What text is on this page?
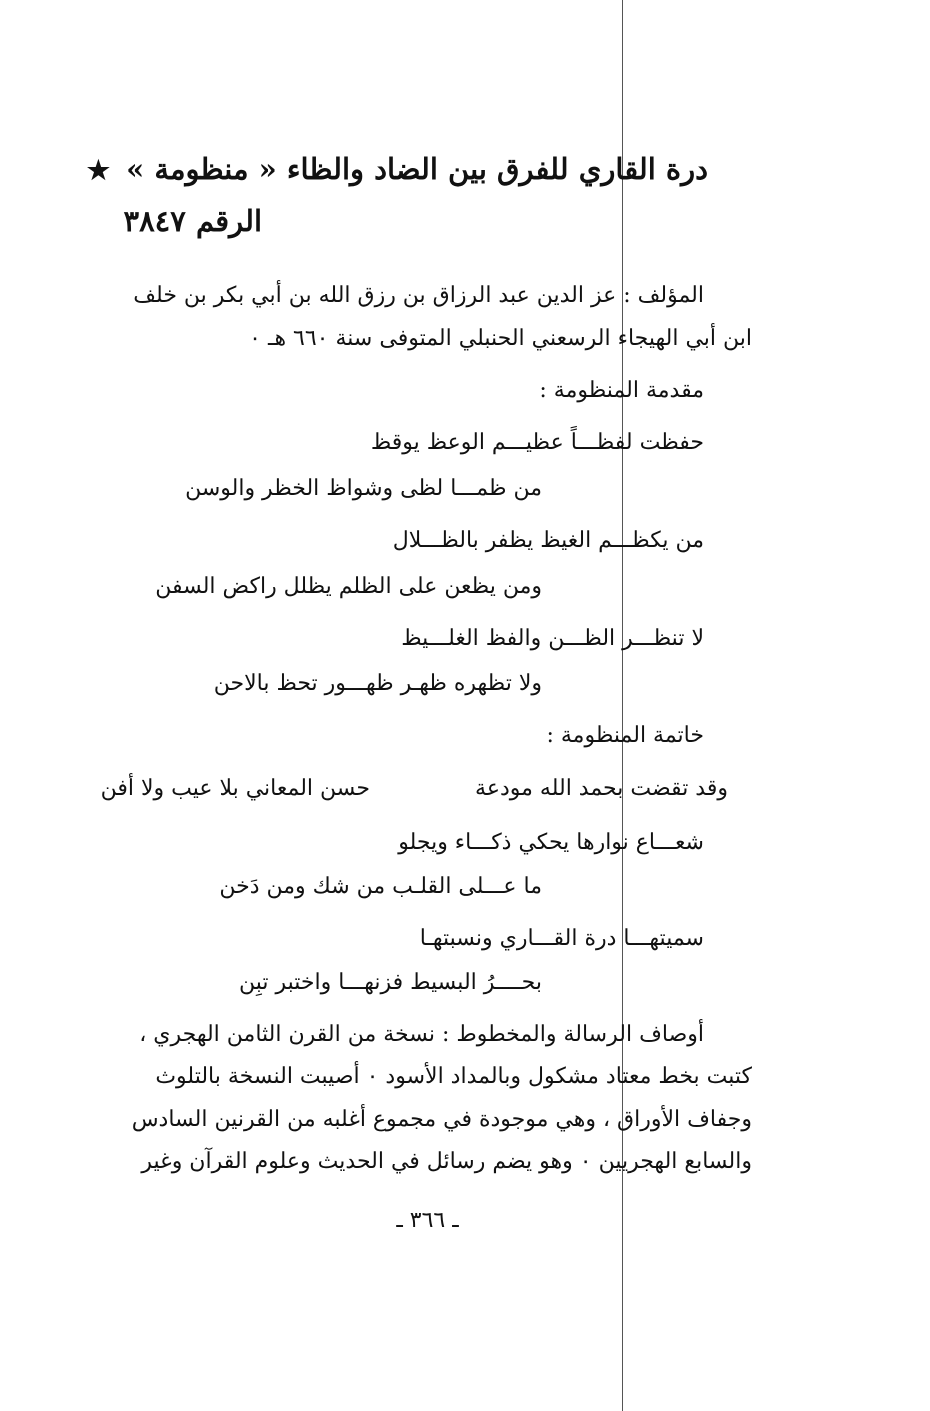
درة القاري للفرق بين الضاد والظاء « منظومة » ★
الرقم ٣٨٤٧
المؤلف : عز الدين عبد الرزاق بن رزق الله بن أبي بكر بن خلف
ابن أبي الهيجاء الرسعني الحنبلي المتوفى سنة ٦٦٠ هـ ٠
مقدمة المنظومة :
حفظت لفظـــاً عظيـــم الوعظ يوقظ
من ظمـــا لظى وشواظ الخظر والوسن
من يكظـــم الغيظ يظفر بالظـــلال
ومن يظعن على الظلم يظلل راكض السفن
لا تنظـــر الظـــن والفظ الغلـــيظ
ولا تظهره ظهـر ظهـــور تحظ بالاحن
خاتمة المنظومة :
وقد تقضت بحمد الله مودعة
حسن المعاني بلا عيب ولا أفن
شعـــاع نوارها يحكي ذكـــاء ويجلو
ما عـــلى القلـب من شك ومن دَخن
سميتهـــا درة القـــاري ونسبتهـا
بحــــرُ البسيط فزنهـــا واختبر تبِن
أوصاف الرسالة والمخطوط : نسخة من القرن الثامن الهجري ،
كتبت بخط معتاد مشكول وبالمداد الأسود ٠ أصيبت النسخة بالتلوث
وجفاف الأوراق ، وهي موجودة في مجموع أغلبه من القرنين السادس
والسابع الهجريين ٠ وهو يضم رسائل في الحديث وعلوم القرآن وغير
ـ ٣٦٦ ـ
